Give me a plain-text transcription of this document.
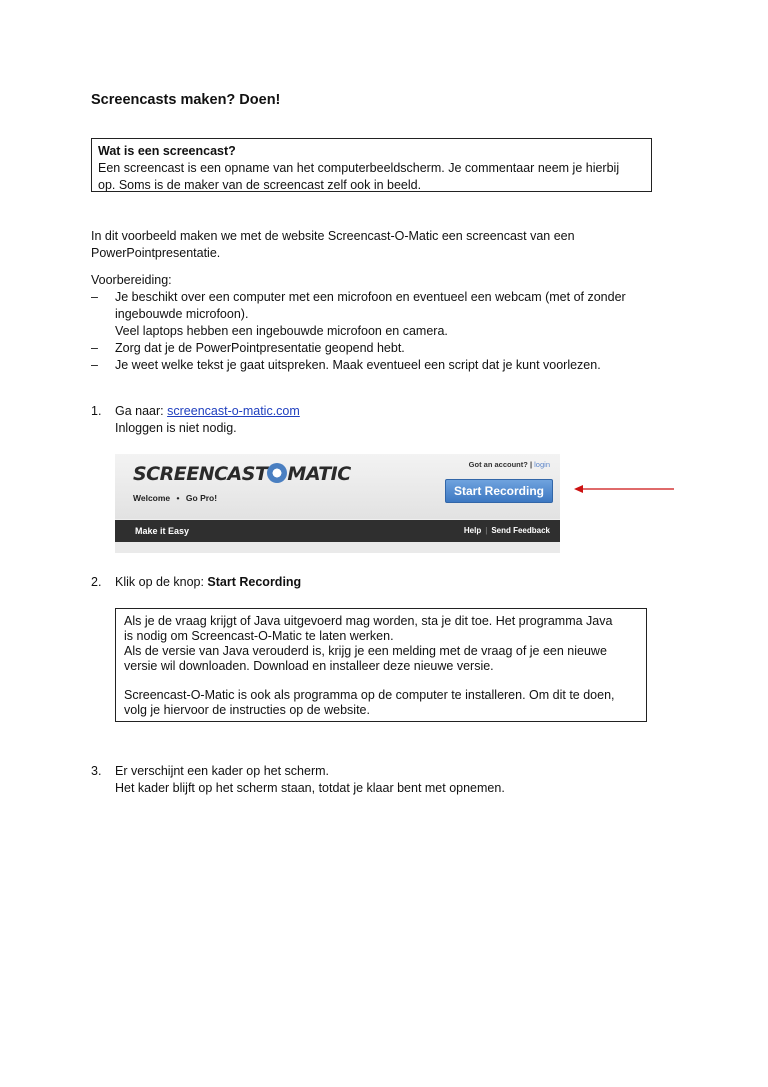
Screencasts maken? Doen!
Wat is een screencast?
Een screencast is een opname van het computerbeeldscherm. Je commentaar neem je hierbij
op. Soms is de maker van de screencast zelf ook in beeld.
In dit voorbeeld maken we met de website Screencast-O-Matic een screencast van een
PowerPointpresentatie.
Voorbereiding:
– Je beschikt over een computer met een microfoon en eventueel een webcam (met of zonder
ingebouwde microfoon).
Veel laptops hebben een ingebouwde microfoon en camera.
– Zorg dat je de PowerPointpresentatie geopend hebt.
– Je weet welke tekst je gaat uitspreken. Maak eventueel een script dat je kunt voorlezen.
1. Ga naar: screencast-o-matic.com
Inloggen is niet nodig.
SCREENCAST MATIC
Welcome • Go Pro!
Got an account? | login
Start Recording
Make it Easy	Help | Send Feedback
2.	Klik op de knop: Start Recording
Als je de vraag krijgt of Java uitgevoerd mag worden, sta je dit toe. Het programma Java
is nodig om Screencast-O-Matic te laten werken.
Als de versie van Java verouderd is, krijg je een melding met de vraag of je een nieuwe
versie wil downloaden. Download en installeer deze nieuwe versie.
Screencast-O-Matic is ook als programma op de computer te installeren. Om dit te doen,
volg je hiervoor de instructies op de website.
3. Er verschijnt een kader op het scherm.
Het kader blijft op het scherm staan, totdat je klaar bent met opnemen.
